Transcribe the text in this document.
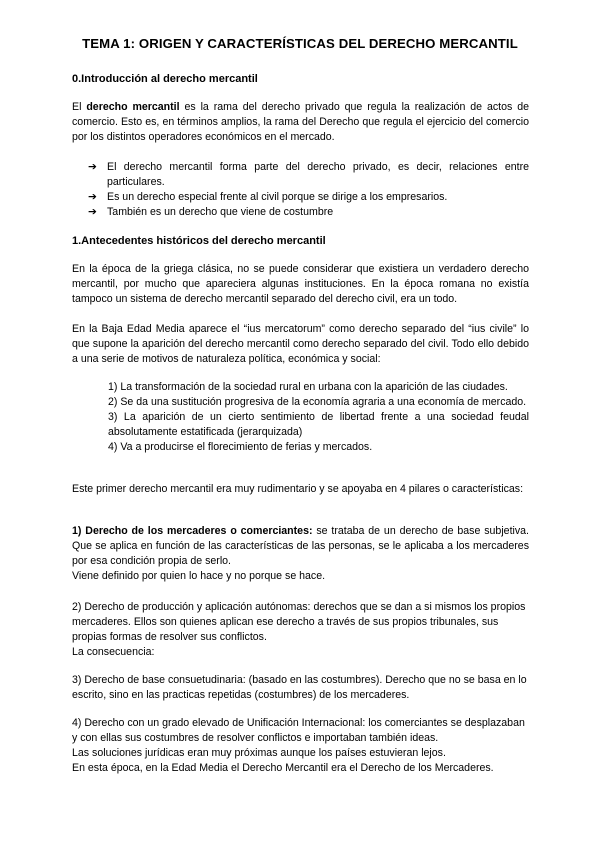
TEMA 1: ORIGEN Y CARACTERÍSTICAS DEL DERECHO MERCANTIL
0.Introducción al derecho mercantil
El derecho mercantil es la rama del derecho privado que regula la realización de actos de comercio. Esto es, en términos amplios, la rama del Derecho que regula el ejercicio del comercio por los distintos operadores económicos en el mercado.
➔ El derecho mercantil forma parte del derecho privado, es decir, relaciones entre particulares.
➔ Es un derecho especial frente al civil porque se dirige a los empresarios.
➔ También es un derecho que viene de costumbre
1.Antecedentes históricos del derecho mercantil
En la época de la griega clásica, no se puede considerar que existiera un verdadero derecho mercantil, por mucho que apareciera algunas instituciones. En la época romana no existía tampoco un sistema de derecho mercantil separado del derecho civil, era un todo.
En la Baja Edad Media aparece el “ius mercatorum” como derecho separado del “ius civile” lo que supone la aparición del derecho mercantil como derecho separado del civil. Todo ello debido a una serie de motivos de naturaleza política, económica y social:
1) La transformación de la sociedad rural en urbana con la aparición de las ciudades.
2) Se da una sustitución progresiva de la economía agraria a una economía de mercado.
3) La aparición de un cierto sentimiento de libertad frente a una sociedad feudal absolutamente estatificada (jerarquizada)
4) Va a producirse el florecimiento de ferias y mercados.
Este primer derecho mercantil era muy rudimentario y se apoyaba en 4 pilares o características:
1) Derecho de los mercaderes o comerciantes: se trataba de un derecho de base subjetiva. Que se aplica en función de las características de las personas, se le aplicaba a los mercaderes por esa condición propia de serlo.
Viene definido por quien lo hace y no porque se hace.
2) Derecho de producción y aplicación autónomas: derechos que se dan a si mismos los propios mercaderes. Ellos son quienes aplican ese derecho a través de sus propios tribunales, sus propias formas de resolver sus conflictos.
La consecuencia:
3) Derecho de base consuetudinaria: (basado en las costumbres). Derecho que no se basa en lo escrito, sino en las practicas repetidas (costumbres) de los mercaderes.
4) Derecho con un grado elevado de Unificación Internacional: los comerciantes se desplazaban y con ellas sus costumbres de resolver conflictos e importaban también ideas.
Las soluciones jurídicas eran muy próximas aunque los países estuvieran lejos.
En esta época, en la Edad Media el Derecho Mercantil era el Derecho de los Mercaderes.
